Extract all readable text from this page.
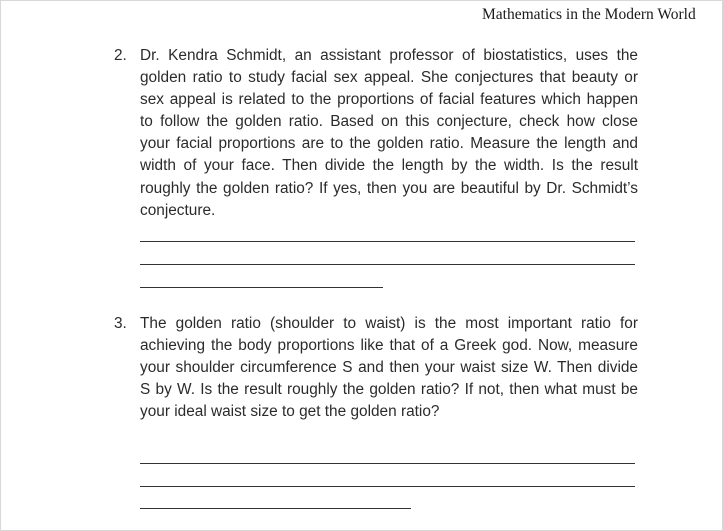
Mathematics in the Modern World
2. Dr. Kendra Schmidt, an assistant professor of biostatistics, uses the golden ratio to study facial sex appeal. She conjectures that beauty or sex appeal is related to the proportions of facial features which happen to follow the golden ratio. Based on this conjecture, check how close your facial proportions are to the golden ratio. Measure the length and width of your face. Then divide the length by the width. Is the result roughly the golden ratio? If yes, then you are beautiful by Dr. Schmidt’s conjecture.
3. The golden ratio (shoulder to waist) is the most important ratio for achieving the body proportions like that of a Greek god. Now, measure your shoulder circumference S and then your waist size W. Then divide S by W. Is the result roughly the golden ratio? If not, then what must be your ideal waist size to get the golden ratio?
